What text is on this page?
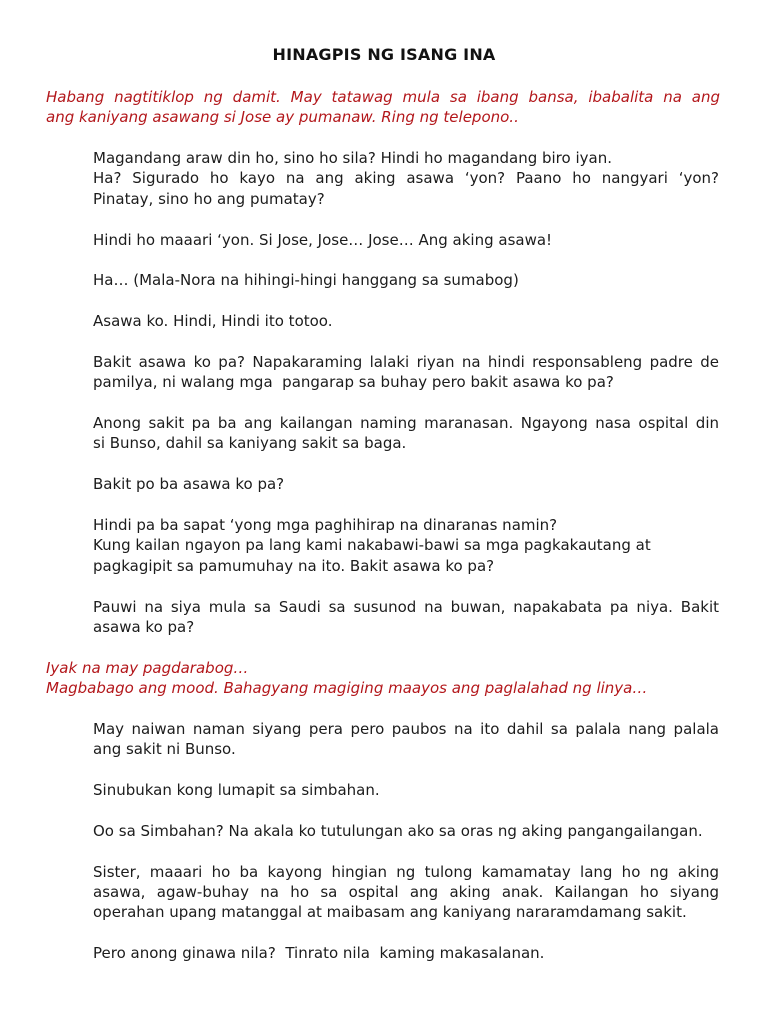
HINAGPIS NG ISANG INA
Habang nagtitiklop ng damit. May tatawag mula sa ibang bansa, ibabalita na ang
ang kaniyang asawang si Jose ay pumanaw. Ring ng telepono..
Magandang araw din ho, sino ho sila? Hindi ho magandang biro iyan.
Ha? Sigurado ho kayo na ang aking asawa ‘yon? Paano ho nangyari ‘yon?
Pinatay, sino ho ang pumatay?
Hindi ho maaari ‘yon. Si Jose, Jose… Jose… Ang aking asawa!
Ha… (Mala-Nora na hihingi-hingi hanggang sa sumabog)
Asawa ko. Hindi, Hindi ito totoo.
Bakit asawa ko pa? Napakaraming lalaki riyan na hindi responsableng padre de
pamilya, ni walang mga  pangarap sa buhay pero bakit asawa ko pa?
Anong sakit pa ba ang kailangan naming maranasan. Ngayong nasa ospital din
si Bunso, dahil sa kaniyang sakit sa baga.
Bakit po ba asawa ko pa?
Hindi pa ba sapat ‘yong mga paghihirap na dinaranas namin?
Kung kailan ngayon pa lang kami nakabawi-bawi sa mga pagkakautang at
pagkagipit sa pamumuhay na ito. Bakit asawa ko pa?
Pauwi na siya mula sa Saudi sa susunod na buwan, napakabata pa niya. Bakit
asawa ko pa?
Iyak na may pagdarabog…
Magbabago ang mood. Bahagyang magiging maayos ang paglalahad ng linya…
May naiwan naman siyang pera pero paubos na ito dahil sa palala nang palala
ang sakit ni Bunso.
Sinubukan kong lumapit sa simbahan.
Oo sa Simbahan? Na akala ko tutulungan ako sa oras ng aking pangangailangan.
Sister, maaari ho ba kayong hingian ng tulong kamamatay lang ho ng aking
asawa, agaw-buhay na ho sa ospital ang aking anak. Kailangan ho siyang
operahan upang matanggal at maibasam ang kaniyang nararamdamang sakit.
Pero anong ginawa nila?  Tinrato nila  kaming makasalanan.
